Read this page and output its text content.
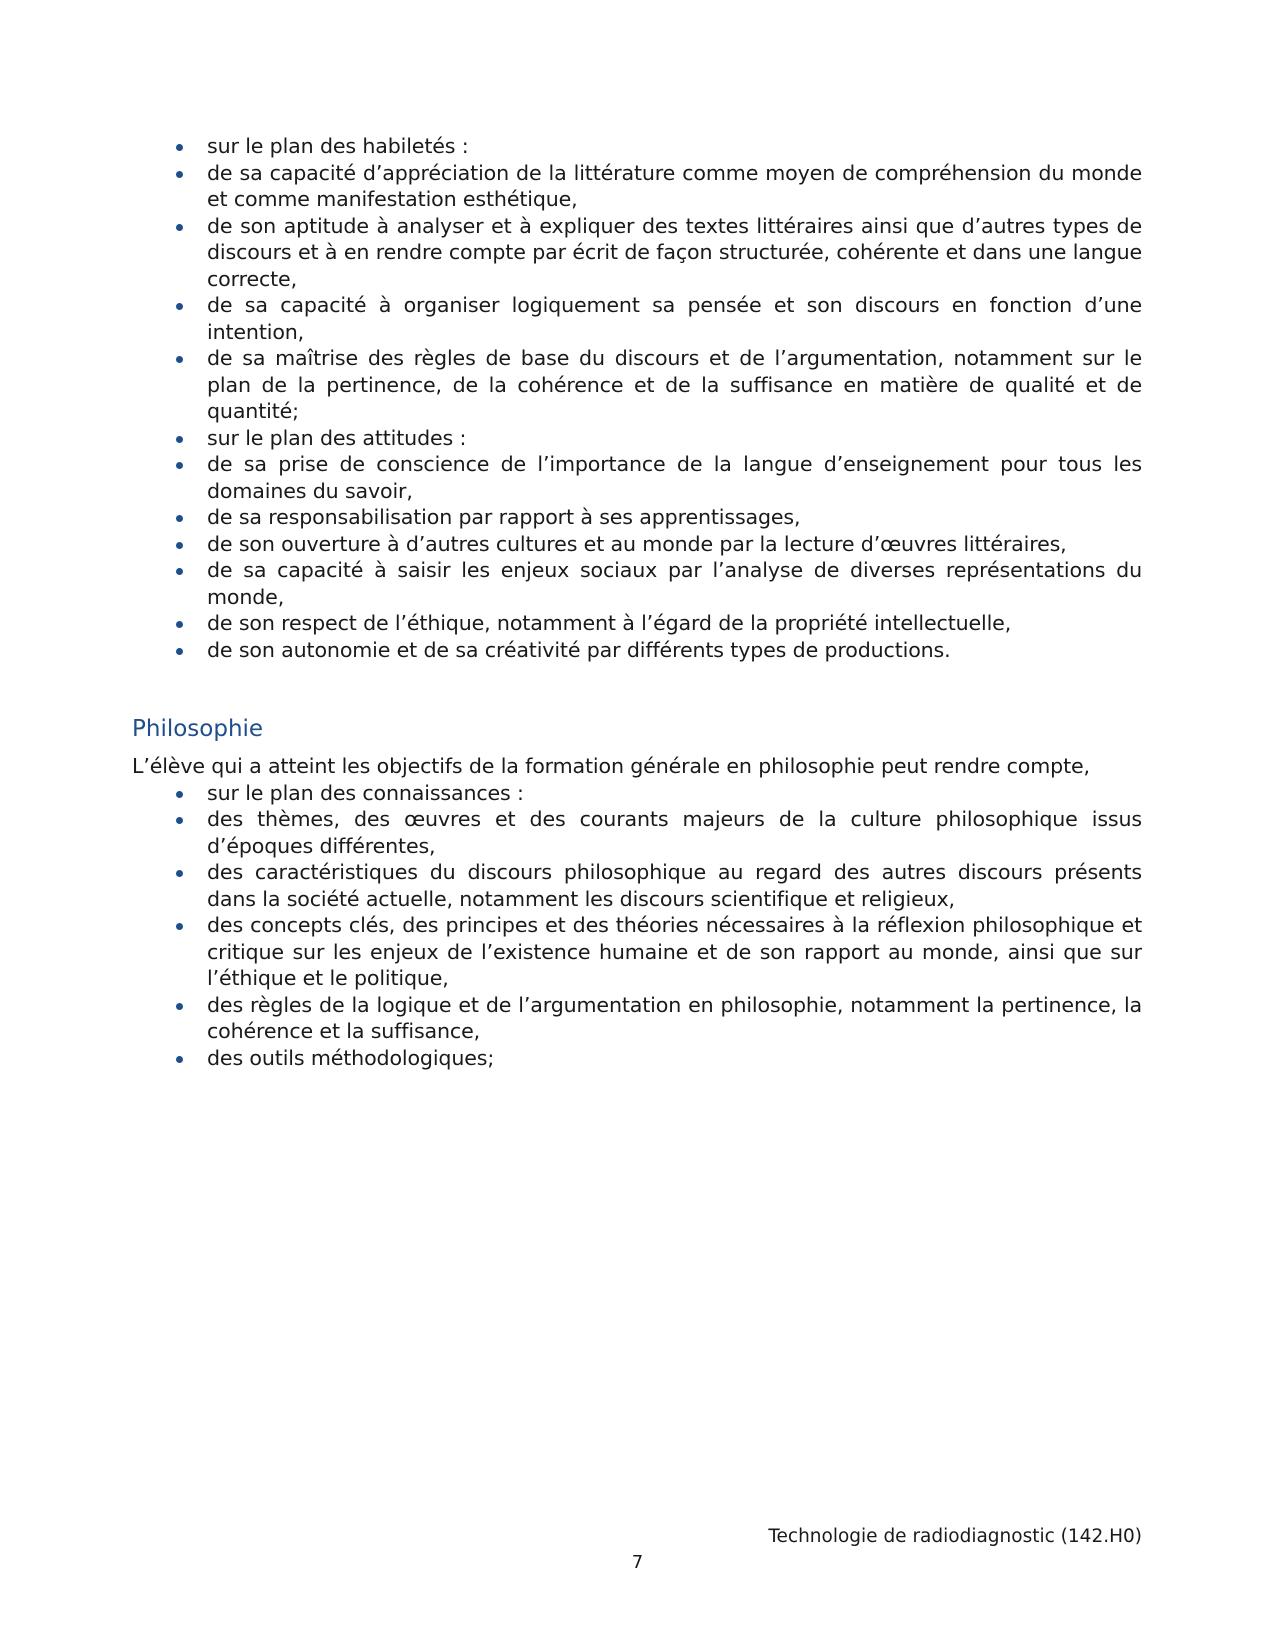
sur le plan des habiletés :
de sa capacité d’appréciation de la littérature comme moyen de compréhension du monde et comme manifestation esthétique,
de son aptitude à analyser et à expliquer des textes littéraires ainsi que d’autres types de discours et à en rendre compte par écrit de façon structurée, cohérente et dans une langue correcte,
de sa capacité à organiser logiquement sa pensée et son discours en fonction d’une intention,
de sa maîtrise des règles de base du discours et de l’argumentation, notamment sur le plan de la pertinence, de la cohérence et de la suffisance en matière de qualité et de quantité;
sur le plan des attitudes :
de sa prise de conscience de l’importance de la langue d’enseignement pour tous les domaines du savoir,
de sa responsabilisation par rapport à ses apprentissages,
de son ouverture à d’autres cultures et au monde par la lecture d’œuvres littéraires,
de sa capacité à saisir les enjeux sociaux par l’analyse de diverses représentations du monde,
de son respect de l’éthique, notamment à l’égard de la propriété intellectuelle,
de son autonomie et de sa créativité par différents types de productions.
Philosophie
L’élève qui a atteint les objectifs de la formation générale en philosophie peut rendre compte,
sur le plan des connaissances :
des thèmes, des œuvres et des courants majeurs de la culture philosophique issus d’époques différentes,
des caractéristiques du discours philosophique au regard des autres discours présents dans la société actuelle, notamment les discours scientifique et religieux,
des concepts clés, des principes et des théories nécessaires à la réflexion philosophique et critique sur les enjeux de l’existence humaine et de son rapport au monde, ainsi que sur l’éthique et le politique,
des règles de la logique et de l’argumentation en philosophie, notamment la pertinence, la cohérence et la suffisance,
des outils méthodologiques;
Technologie de radiodiagnostic (142.H0)
7
